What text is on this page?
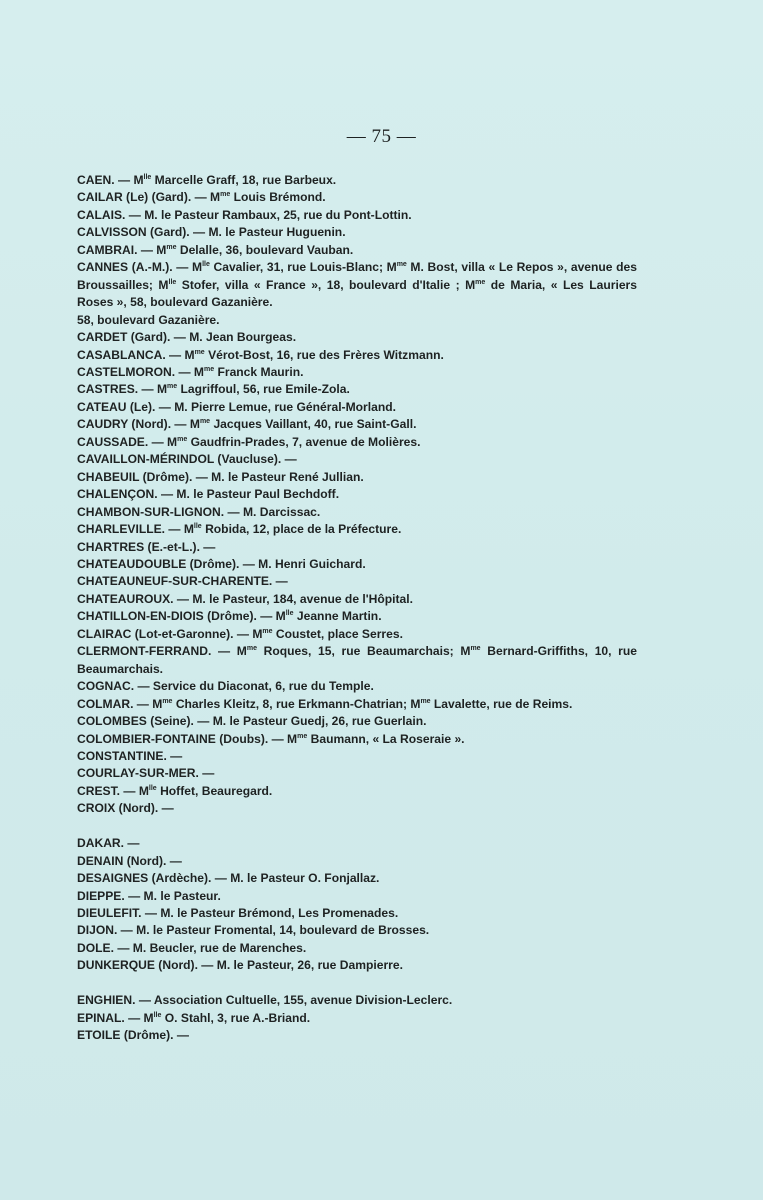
— 75 —

CAEN. — $M^{lle}$ Marcelle Graff, 18, rue Barbeux.

CAILAR (Le) (Gard). — $M^{me}$ Louis Brémond.

CALAIS. — M. le Pasteur Rambaux, 25, rue du Pont-Lottin.

CALVISSON (Gard). — M. le Pasteur Huguenin.

CAMBRAI. — $M^{me}$ Delalle, 36, boulevard Vauban.

CANNES (A.-M.). — $M^{lle}$ Cavalier, 31, rue Louis-Blanc; $M^{me}$ M. Bost, villa « Le Repos », avenue des Broussailles; $M^{lle}$ Stofer, villa « France », 18, boulevard d'Italie ; $M^{me}$ de Maria, « Les Lauriers Roses », 58, boulevard Gazanière.
58, boulevard Gazanière.

CARDET (Gard). — M. Jean Bourgeas.

CASABLANCA. — $M^{me}$ Vérot-Bost, 16, rue des Frères Witzmann.

CASTELMORON. — $M^{me}$ Franck Maurin.

CASTRES. — $M^{me}$ Lagriffoul, 56, rue Emile-Zola.

CATEAU (Le). — M. Pierre Lemue, rue Général-Morland.

CAUDRY (Nord). — $M^{me}$ Jacques Vaillant, 40, rue Saint-Gall.

CAUSSADE. — $M^{me}$ Gaudfrin-Prades, 7, avenue de Molières.

CAVAILLON-MÉRINDOL (Vaucluse). —

CHABEUIL (Drôme). — M. le Pasteur René Jullian.

CHALENÇON. — M. le Pasteur Paul Bechdoff.

CHAMBON-SUR-LIGNON. — M. Darcissac.

CHARLEVILLE. — $M^{lle}$ Robida, 12, place de la Préfecture.

CHARTRES (E.-et-L.). —

CHATEAUDOUBLE (Drôme). — M. Henri Guichard.

CHATEAUNEUF-SUR-CHARENTE. —

CHATEAUROUX. — M. le Pasteur, 184, avenue de l'Hôpital.

CHATILLON-EN-DIOIS (Drôme). — $M^{lle}$ Jeanne Martin.

CLAIRAC (Lot-et-Garonne). — $M^{me}$ Coustet, place Serres.

CLERMONT-FERRAND. — $M^{me}$ Roques, 15, rue Beaumarchais; $M^{me}$ Bernard-Griffiths, 10, rue Beaumarchais.

COGNAC. — Service du Diaconat, 6, rue du Temple.

COLMAR. — $M^{me}$ Charles Kleitz, 8, rue Erkmann-Chatrian; $M^{me}$ Lavalette, rue de Reims.

COLOMBES (Seine). — M. le Pasteur Guedj, 26, rue Guerlain.

COLOMBIER-FONTAINE (Doubs). — $M^{me}$ Baumann, « La Roseraie ».

CONSTANTINE. —

COURLAY-SUR-MER. —

CREST. — $M^{lle}$ Hoffet, Beauregard.

CROIX (Nord). —

DAKAR. —

DENAIN (Nord). —

DESAIGNES (Ardèche). — M. le Pasteur O. Fonjallaz.

DIEPPE. — M. le Pasteur.

DIEULEFIT. — M. le Pasteur Brémond, Les Promenades.

DIJON. — M. le Pasteur Fromental, 14, boulevard de Brosses.

DOLE. — M. Beucler, rue de Marenches.

DUNKERQUE (Nord). — M. le Pasteur, 26, rue Dampierre.

ENGHIEN. — Association Cultuelle, 155, avenue Division-Leclerc.

EPINAL. — $M^{lle}$ O. Stahl, 3, rue A.-Briand.

ETOILE (Drôme). —
